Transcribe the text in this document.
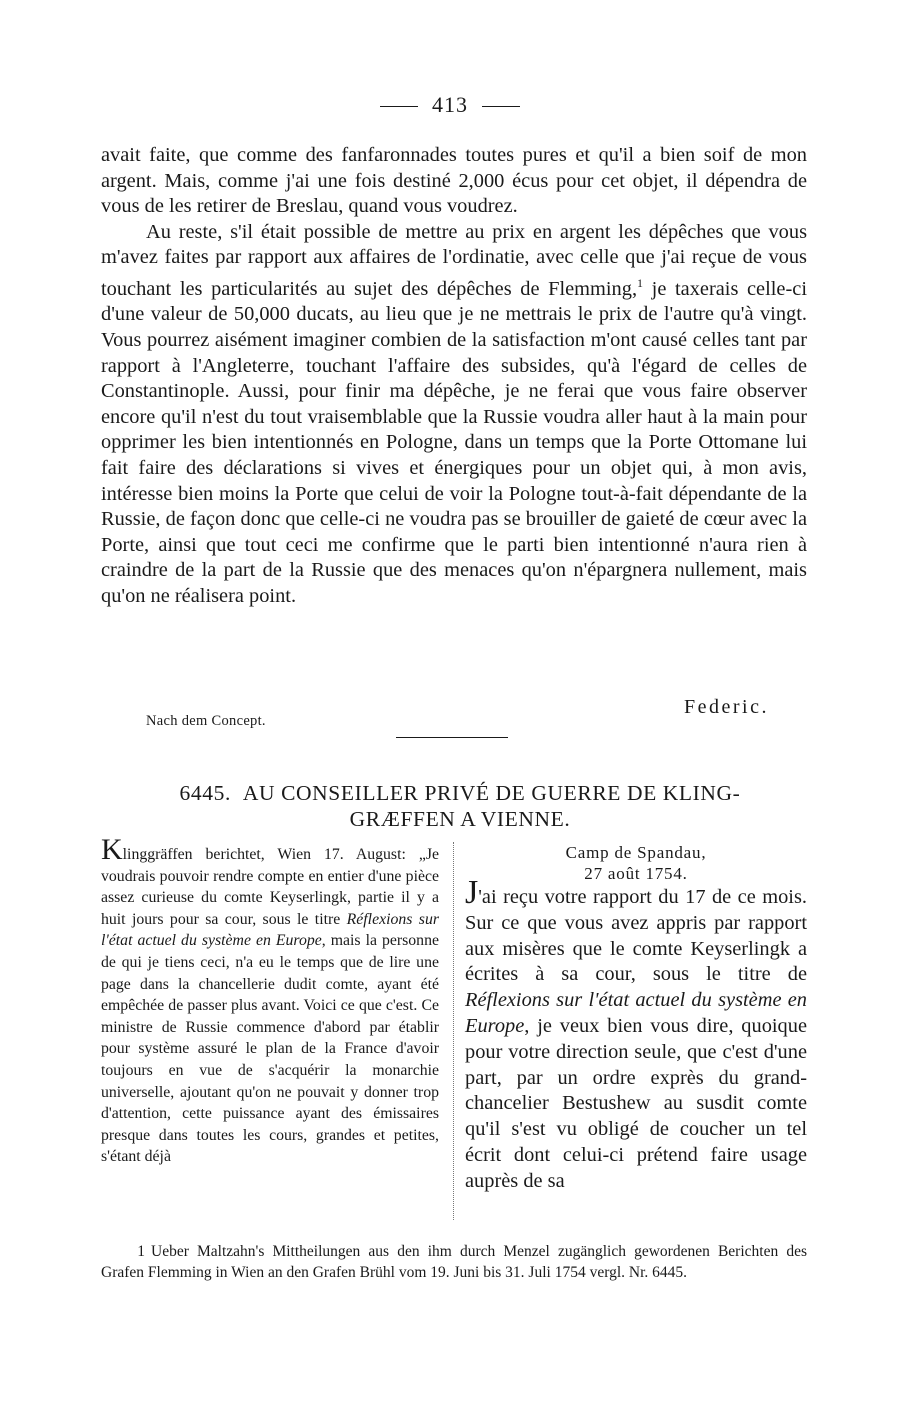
413

avait faite, que comme des fanfaronnades toutes pures et qu'il a bien soif de mon argent. Mais, comme j'ai une fois destiné 2,000 écus pour cet objet, il dépendra de vous de les retirer de Breslau, quand vous voudrez.

Au reste, s'il était possible de mettre au prix en argent les dépêches que vous m'avez faites par rapport aux affaires de l'ordinatie, avec celle que j'ai reçue de vous touchant les particularités au sujet des dépêches de Flemming,$^1$ je taxerais celle-ci d'une valeur de 50,000 ducats, au lieu que je ne mettrais le prix de l'autre qu'à vingt. Vous pourrez aisément imaginer combien de la satisfaction m'ont causé celles tant par rapport à l'Angleterre, touchant l'affaire des subsides, qu'à l'égard de celles de Constantinople. Aussi, pour finir ma dépêche, je ne ferai que vous faire observer encore qu'il n'est du tout vraisemblable que la Russie voudra aller haut à la main pour opprimer les bien intentionnés en Pologne, dans un temps que la Porte Ottomane lui fait faire des déclarations si vives et énergiques pour un objet qui, à mon avis, intéresse bien moins la Porte que celui de voir la Pologne tout-à-fait dépendante de la Russie, de façon donc que celle-ci ne voudra pas se brouiller de gaieté de cœur avec la Porte, ainsi que tout ceci me confirme que le parti bien intentionné n'aura rien à craindre de la part de la Russie que des menaces qu'on n'épargnera nullement, mais qu'on ne réalisera point.

Federic.
Nach dem Concept.
6445. AU CONSEILLER PRIVÉ DE GUERRE DE KLING-
GRÆFFEN A VIENNE.
Klinggräffen berichtet, Wien 17. August: „Je voudrais pouvoir rendre compte en entier d'une pièce assez curieuse du comte Keyserlingk, partie il y a huit jours pour sa cour, sous le titre Réflexions sur l'état actuel du système en Europe, mais la personne de qui je tiens ceci, n'a eu le temps que de lire une page dans la chancellerie dudit comte, ayant été empêchée de passer plus avant. Voici ce que c'est. Ce ministre de Russie commence d'abord par établir pour système assuré le plan de la France d'avoir toujours en vue de s'acquérir la monarchie universelle, ajoutant qu'on ne pouvait y donner trop d'attention, cette puissance ayant des émissaires presque dans toutes les cours, grandes et petites, s'étant déjà
Camp de Spandau,
27 août 1754.
J'ai reçu votre rapport du 17 de ce mois. Sur ce que vous avez appris par rapport aux misères que le comte Keyserlingk a écrites à sa cour, sous le titre de Réflexions sur l'état actuel du système en Europe, je veux bien vous dire, quoique pour votre direction seule, que c'est d'une part, par un ordre exprès du grand-chancelier Bestushew au susdit comte qu'il s'est vu obligé de coucher un tel écrit dont celui-ci prétend faire usage auprès de sa
1 Ueber Maltzahn's Mittheilungen aus den ihm durch Menzel zugänglich gewordenen Berichten des Grafen Flemming in Wien an den Grafen Brühl vom 19. Juni bis 31. Juli 1754 vergl. Nr. 6445.
